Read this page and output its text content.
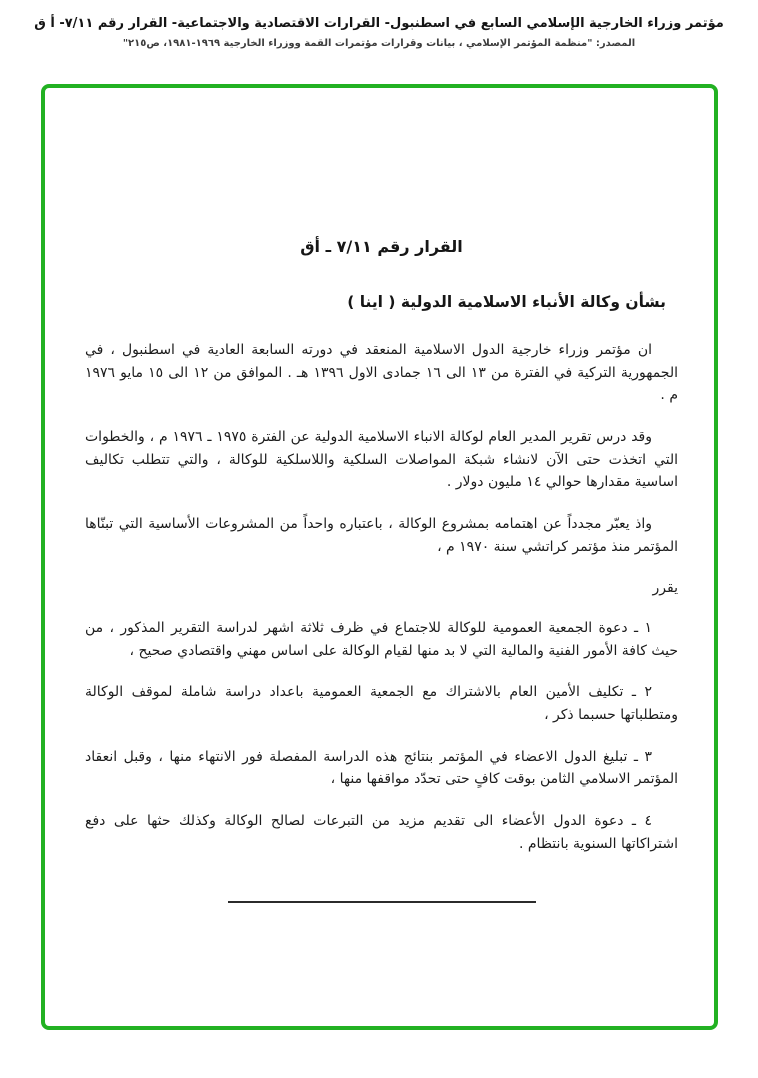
مؤتمر وزراء الخارجية الإسلامي السابع في اسطنبول- القرارات الاقتصادية والاجتماعية- القرار رقم ٧/١١- أ ق
المصدر: "منظمة المؤتمر الإسلامي ، بيانات وقرارات مؤتمرات القمة ووزراء الخارجية ١٩٦٩-١٩٨١، ص٢١٥"
القرار رقم ٧/١١ ـ أق
بشأن وكالة الأنباء الاسلامية الدولية ( اينا )

ان مؤتمر وزراء خارجية الدول الاسلامية المنعقد في دورته السابعة العادية في اسطنبول ، في الجمهورية التركية في الفترة من ١٣ الى ١٦ جمادى الاول ١٣٩٦ هـ . الموافق من ١٢ الى ١٥ مايو ١٩٧٦ م .

وقد درس تقرير المدير العام لوكالة الانباء الاسلامية الدولية عن الفترة ١٩٧٥ ـ ١٩٧٦ م ، والخطوات التي اتخذت حتى الآن لانشاء شبكة المواصلات السلكية واللاسلكية للوكالة ، والتي تتطلب تكاليف اساسية مقدارها حوالي ١٤ مليون دولار .

واذ يعبّر مجدداً عن اهتمامه بمشروع الوكالة ، باعتباره واحداً من المشروعات الأساسية التي تبنّاها المؤتمر منذ مؤتمر كراتشي سنة ١٩٧٠ م ،

يقرر

١ ـ دعوة الجمعية العمومية للوكالة للاجتماع في ظرف ثلاثة اشهر لدراسة التقرير المذكور ، من حيث كافة الأمور الفنية والمالية التي لا بد منها لقيام الوكالة على اساس مهني واقتصادي صحيح ،

٢ ـ تكليف الأمين العام بالاشتراك مع الجمعية العمومية باعداد دراسة شاملة لموقف الوكالة ومتطلباتها حسبما ذكر ،

٣ ـ تبليغ الدول الاعضاء في المؤتمر بنتائج هذه الدراسة المفصلة فور الانتهاء منها ، وقبل انعقاد المؤتمر الاسلامي الثامن بوقت كافٍ حتى تحدّد مواقفها منها ،

٤ ـ دعوة الدول الأعضاء الى تقديم مزيد من التبرعات لصالح الوكالة وكذلك حثها على دفع اشتراكاتها السنوية بانتظام .
